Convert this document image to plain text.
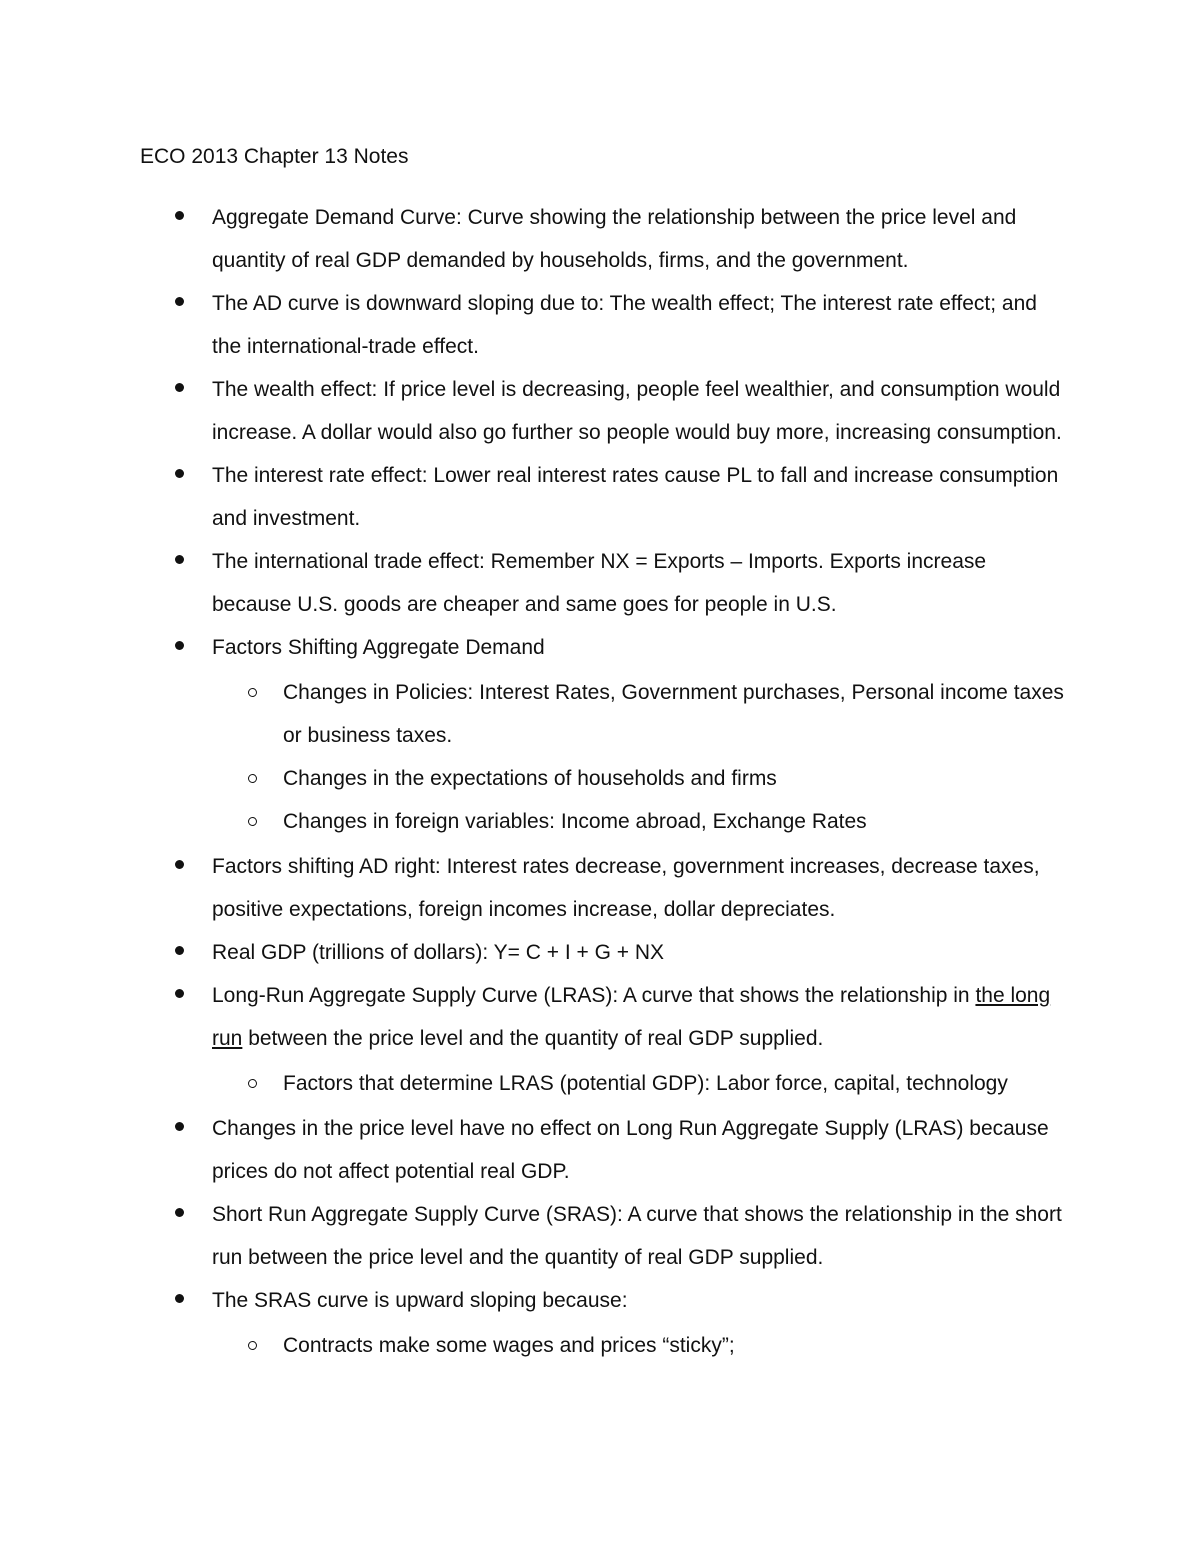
ECO 2013 Chapter 13 Notes
Aggregate Demand Curve: Curve showing the relationship between the price level and quantity of real GDP demanded by households, firms, and the government.
The AD curve is downward sloping due to: The wealth effect; The interest rate effect; and the international-trade effect.
The wealth effect: If price level is decreasing, people feel wealthier, and consumption would increase. A dollar would also go further so people would buy more, increasing consumption.
The interest rate effect: Lower real interest rates cause PL to fall and increase consumption and investment.
The international trade effect: Remember NX = Exports – Imports. Exports increase because U.S. goods are cheaper and same goes for people in U.S.
Factors Shifting Aggregate Demand
Changes in Policies: Interest Rates, Government purchases, Personal income taxes or business taxes.
Changes in the expectations of households and firms
Changes in foreign variables: Income abroad, Exchange Rates
Factors shifting AD right: Interest rates decrease, government increases, decrease taxes, positive expectations, foreign incomes increase, dollar depreciates.
Real GDP (trillions of dollars): Y= C + I + G + NX
Long-Run Aggregate Supply Curve (LRAS): A curve that shows the relationship in the long run between the price level and the quantity of real GDP supplied.
Factors that determine LRAS (potential GDP): Labor force, capital, technology
Changes in the price level have no effect on Long Run Aggregate Supply (LRAS) because prices do not affect potential real GDP.
Short Run Aggregate Supply Curve (SRAS): A curve that shows the relationship in the short run between the price level and the quantity of real GDP supplied.
The SRAS curve is upward sloping because:
Contracts make some wages and prices “sticky”;
